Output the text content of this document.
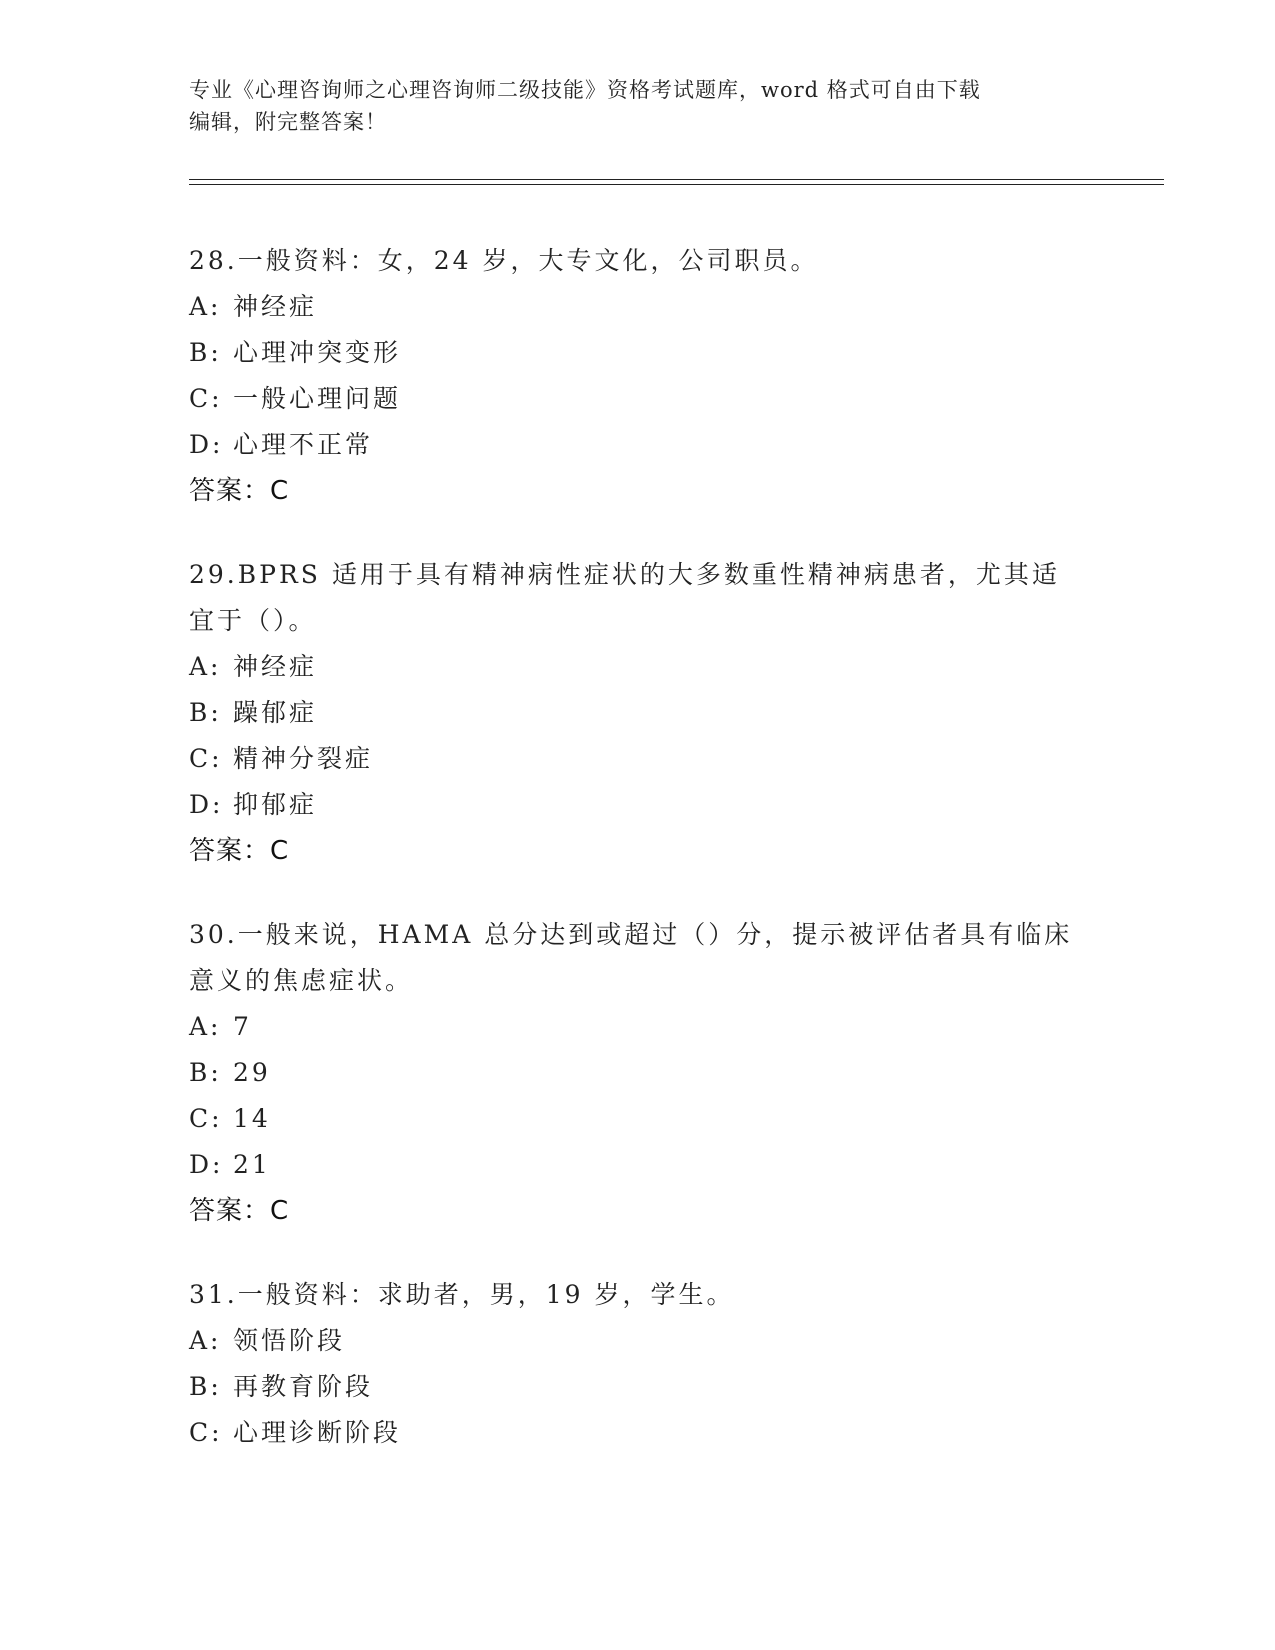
专业《心理咨询师之心理咨询师二级技能》资格考试题库，word 格式可自由下载
编辑，附完整答案！
28.一般资料：女，24 岁，大专文化，公司职员。
A: 神经症
B: 心理冲突变形
C: 一般心理问题
D: 心理不正常
答案：C
29.BPRS 适用于具有精神病性症状的大多数重性精神病患者，尤其适宜于（）。
A: 神经症
B: 躁郁症
C: 精神分裂症
D: 抑郁症
答案：C
30.一般来说，HAMA 总分达到或超过（）分，提示被评估者具有临床意义的焦虑症状。
A: 7
B: 29
C: 14
D: 21
答案：C
31.一般资料：求助者，男，19 岁，学生。
A: 领悟阶段
B: 再教育阶段
C: 心理诊断阶段
